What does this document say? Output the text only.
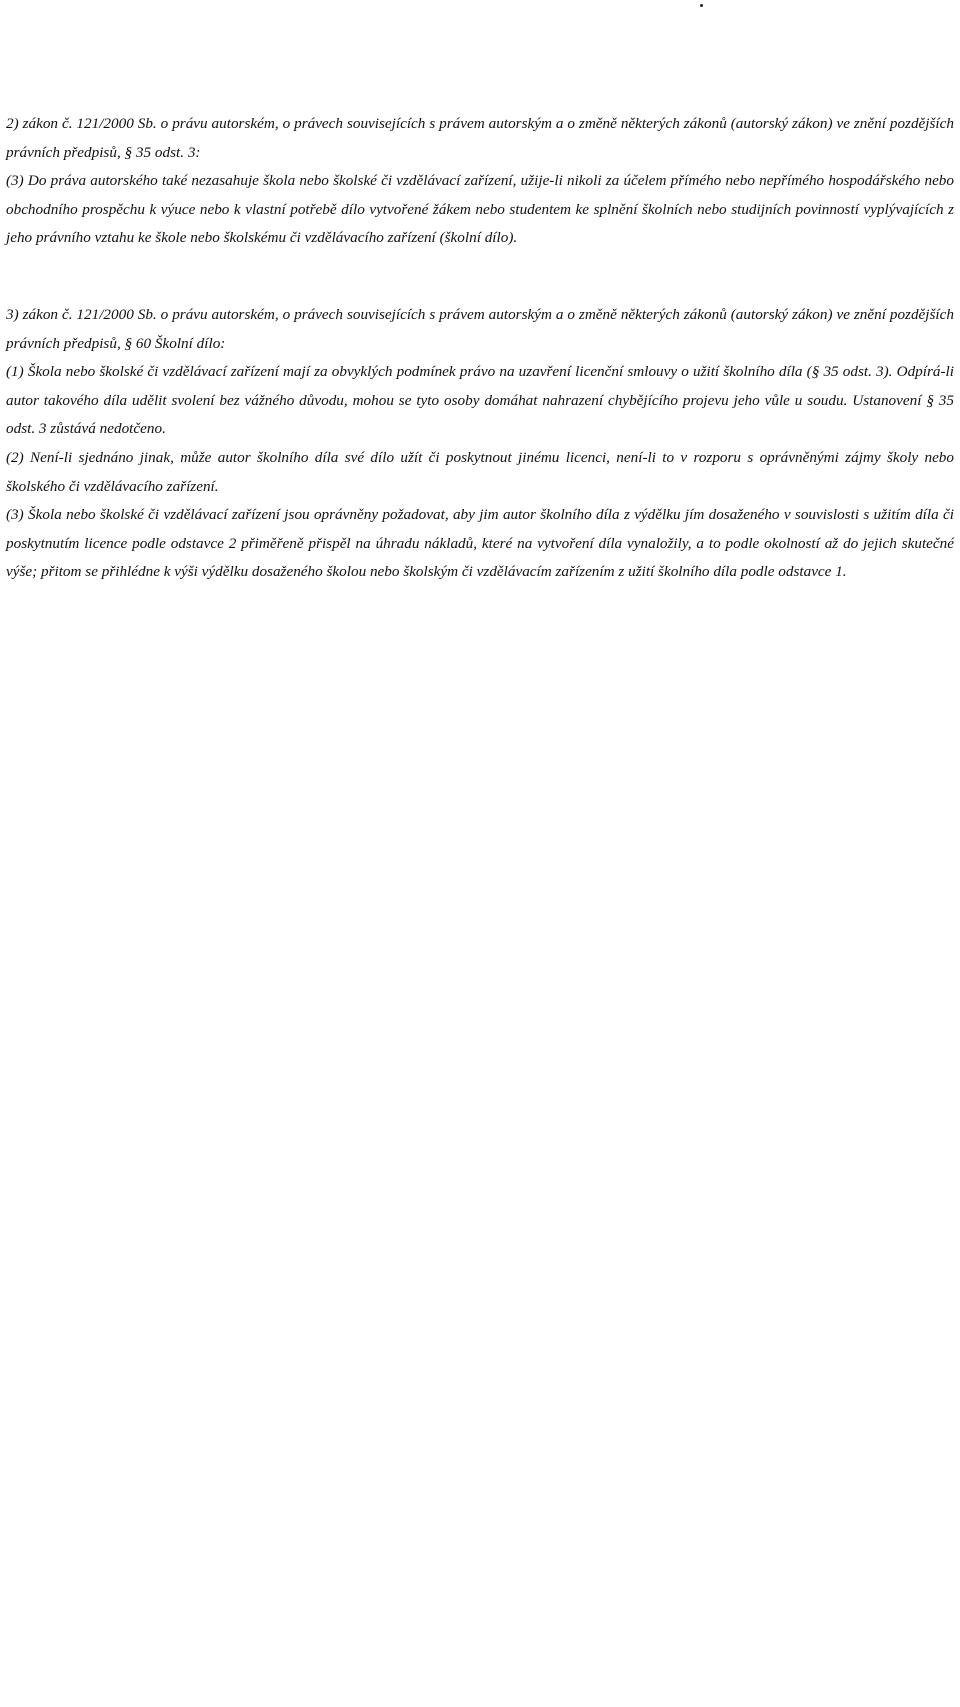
2) zákon č. 121/2000 Sb. o právu autorském, o právech souvisejících s právem autorským a o změně některých zákonů (autorský zákon) ve znění pozdějších právních předpisů, § 35 odst. 3:

(3) Do práva autorského také nezasahuje škola nebo školské či vzdělávací zařízení, užije-li nikoli za účelem přímého nebo nepřímého hospodářského nebo obchodního prospěchu k výuce nebo k vlastní potřebě dílo vytvořené žákem nebo studentem ke splnění školních nebo studijních povinností vyplývajících z jeho právního vztahu ke škole nebo školskému či vzdělávacího zařízení (školní dílo).

3) zákon č. 121/2000 Sb. o právu autorském, o právech souvisejících s právem autorským a o změně některých zákonů (autorský zákon) ve znění pozdějších právních předpisů, § 60 Školní dílo:

(1) Škola nebo školské či vzdělávací zařízení mají za obvyklých podmínek právo na uzavření licenční smlouvy o užití školního díla (§ 35 odst. 3). Odpírá-li autor takového díla udělit svolení bez vážného důvodu, mohou se tyto osoby domáhat nahrazení chybějícího projevu jeho vůle u soudu. Ustanovení § 35 odst. 3 zůstává nedotčeno.

(2) Není-li sjednáno jinak, může autor školního díla své dílo užít či poskytnout jinému licenci, není-li to v rozporu s oprávněnými zájmy školy nebo školského či vzdělávacího zařízení.

(3) Škola nebo školské či vzdělávací zařízení jsou oprávněny požadovat, aby jim autor školního díla z výdělku jím dosaženého v souvislosti s užitím díla či poskytnutím licence podle odstavce 2 přiměřeně přispěl na úhradu nákladů, které na vytvoření díla vynaložily, a to podle okolností až do jejich skutečné výše; přitom se přihlédne k výši výdělku dosaženého školou nebo školským či vzdělávacím zařízením z užití školního díla podle odstavce 1.
